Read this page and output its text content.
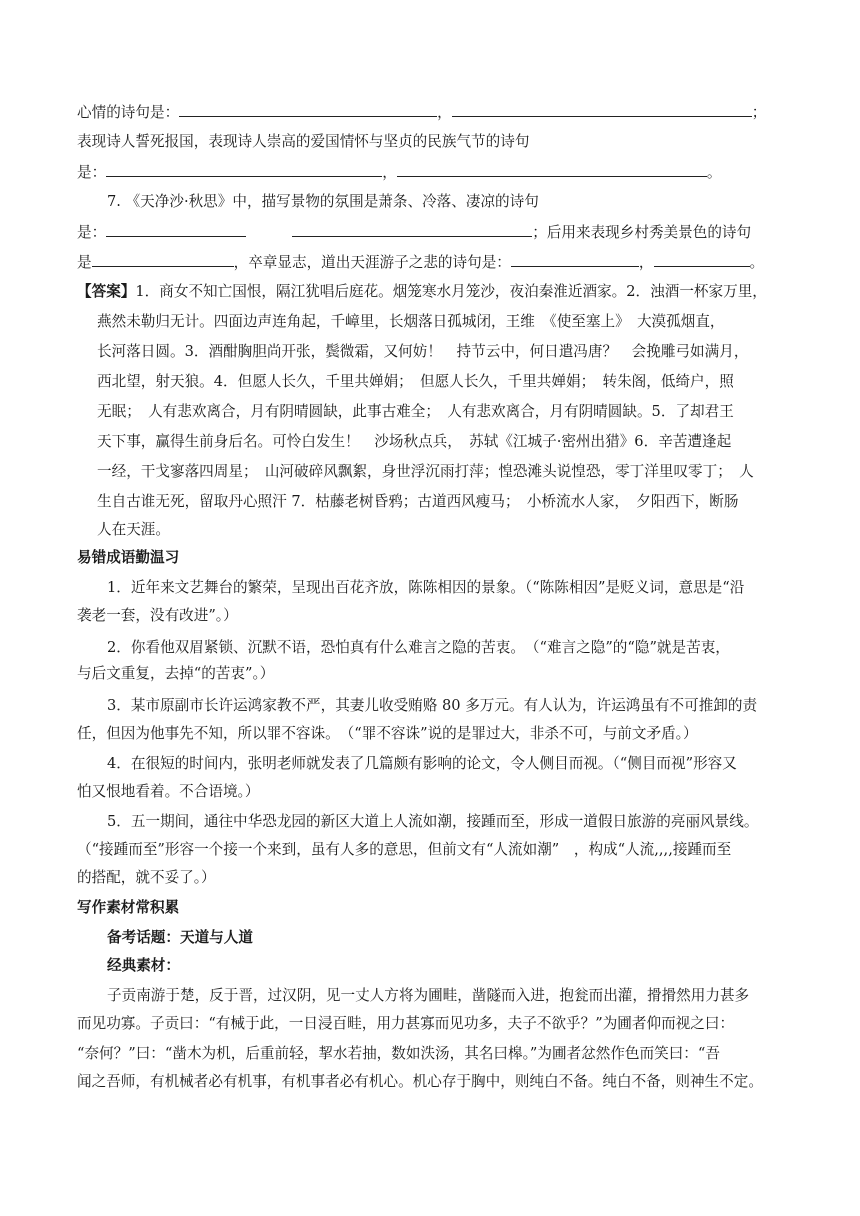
心情的诗句是：	，	；
表现诗人誓死报国，表现诗人崇高的爱国情怀与坚贞的民族气节的诗句
是：	，	。
7. 《天净沙·秋思》中，描写景物的氛围是萧条、冷落、凄凉的诗句
是：	；后用来表现乡村秀美景色的诗句
是	，卒章显志，道出天涯游子之悲的诗句是：	，	。
【答案】1．商女不知亡国恨，隔江犹唱后庭花。烟笼寒水月笼沙，夜泊秦淮近酒家。2．浊酒一杯家万里，
燕然未勒归无计。四面边声连角起，千嶂里，长烟落日孤城闭，王维　《使至塞上》　大漠孤烟直，
长河落日圆。3．酒酣胸胆尚开张，鬓微霜，又何妨！　持节云中，何日遣冯唐？　会挽雕弓如满月，
西北望，射天狼。4．但愿人长久，千里共婵娟；　但愿人长久，千里共婵娟；　转朱阁，低绮户，照
无眠；　人有悲欢离合，月有阴晴圆缺，此事古难全；　人有悲欢离合，月有阴晴圆缺。5．了却君王
天下事，赢得生前身后名。可怜白发生！　沙场秋点兵，　苏轼《江城子·密州出猎》6．辛苦遭逢起
一经，干戈寥落四周星；　山河破碎风飘絮，身世浮沉雨打萍；惶恐滩头说惶恐，零丁洋里叹零丁；　人
生自古谁无死，留取丹心照汗 7．枯藤老树昏鸦；古道西风瘦马；　小桥流水人家，　夕阳西下，断肠
人在天涯。
易错成语勤温习
1．近年来文艺舞台的繁荣，呈现出百花齐放，陈陈相因的景象。（“陈陈相因”是贬义词，意思是“沿
袭老一套，没有改进”。）
2．你看他双眉紧锁、沉默不语，恐怕真有什么难言之隐的苦衷。　（“难言之隐”的“隐”就是苦衷，
与后文重复，去掉“的苦衷”。）
3．某市原副市长许运鸿家教不严，其妻儿收受贿赂 80 多万元。有人认为，许运鸿虽有不可推卸的责
任，但因为他事先不知，所以罪不容诛。　（“罪不容诛”说的是罪过大，非杀不可，与前文矛盾。）
4．在很短的时间内，张明老师就发表了几篇颇有影响的论文，令人侧目而视。（“侧目而视”形容又
怕又恨地看着。不合语境。）
5．五一期间，通往中华恐龙园的新区大道上人流如潮，接踵而至，形成一道假日旅游的亮丽风景线。
（“接踵而至”形容一个接一个来到，虽有人多的意思，但前文有“人流如潮”　，构成“人流,,,,接踵而至
的搭配，就不妥了。）
写作素材常积累
备考话题：天道与人道
经典素材：
子贡南游于楚，反于晋，过汉阴，见一丈人方将为圃畦，凿隧而入进，抱瓮而出灌，搰搰然用力甚多
而见功寡。子贡曰：“有械于此，一日浸百畦，用力甚寡而见功多，夫子不欲乎？”为圃者仰而视之曰：
“奈何？”曰：“凿木为机，后重前轻，挈水若抽，数如泆汤，其名曰槔。”为圃者忿然作色而笑曰：“吾
闻之吾师，有机械者必有机事，有机事者必有机心。机心存于胸中，则纯白不备。纯白不备，则神生不定。
